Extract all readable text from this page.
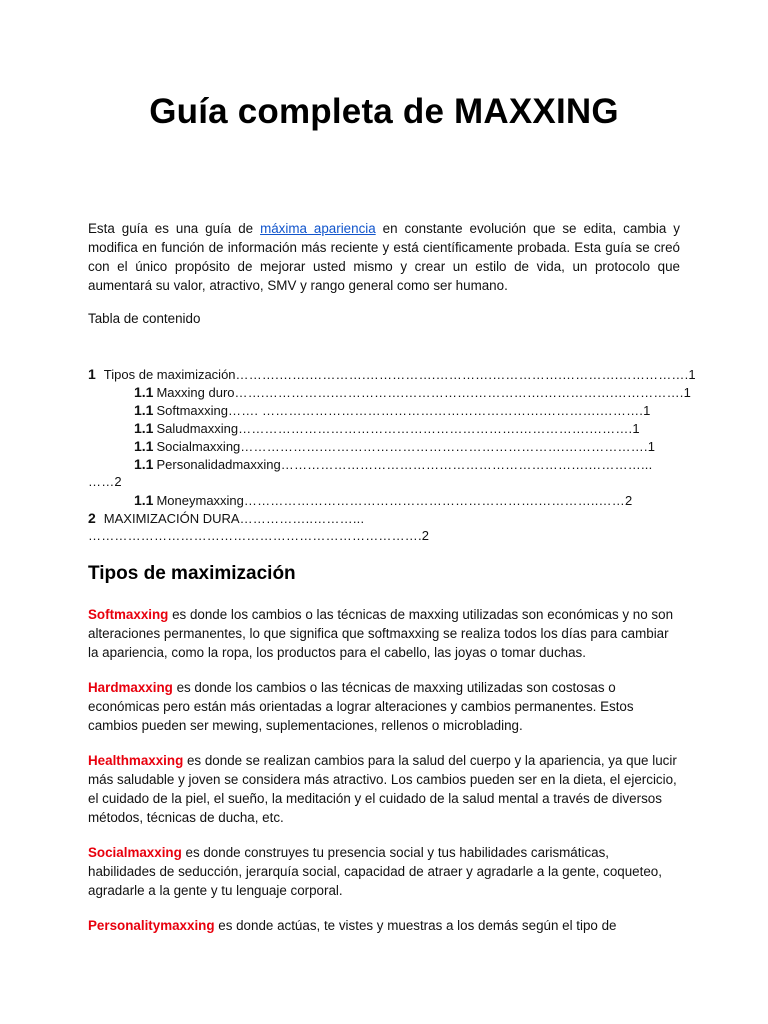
Guía completa de MAXXING

Esta guía es una guía de máxima apariencia en constante evolución que se edita, cambia y modifica en función de información más reciente y está científicamente probada. Esta guía se creó con el único propósito de mejorar usted mismo y crear un estilo de vida, un protocolo que aumentará su valor, atractivo, SMV y rango general como ser humano.

Tabla de contenido

1 Tipos de maximización……….…….………….…………….………….…………….………….…………….1
1.1 Maxxing duro…….…………….…………….…………….…………….…………….…………….1
1.1 Softmaxxing……. ……………………………………………………….………….……….1
1.1 Saludmaxxing……………………………………………………….…………….……….1
1.1 Socialmaxxing……………….……………………………………………….……………….1
1.1 Personalidadmaxxing…………………………………………………………….…………...
……2
1.1 Moneymaxxing………………………………………………………….…………..……2
2 MAXIMIZACIÓN DURA……………..………...
………………………………………………………………….2
Tipos de maximización

Softmaxxing es donde los cambios o las técnicas de maxxing utilizadas son económicas y no son alteraciones permanentes, lo que significa que softmaxxing se realiza todos los días para cambiar la apariencia, como la ropa, los productos para el cabello, las joyas o tomar duchas.

Hardmaxxing es donde los cambios o las técnicas de maxxing utilizadas son costosas o económicas pero están más orientadas a lograr alteraciones y cambios permanentes. Estos cambios pueden ser mewing, suplementaciones, rellenos o microblading.

Healthmaxxing es donde se realizan cambios para la salud del cuerpo y la apariencia, ya que lucir más saludable y joven se considera más atractivo. Los cambios pueden ser en la dieta, el ejercicio, el cuidado de la piel, el sueño, la meditación y el cuidado de la salud mental a través de diversos métodos, técnicas de ducha, etc.

Socialmaxxing es donde construyes tu presencia social y tus habilidades carismáticas, habilidades de seducción, jerarquía social, capacidad de atraer y agradarle a la gente, coqueteo, agradarle a la gente y tu lenguaje corporal.

Personalitymaxxing es donde actúas, te vistes y muestras a los demás según el tipo de
